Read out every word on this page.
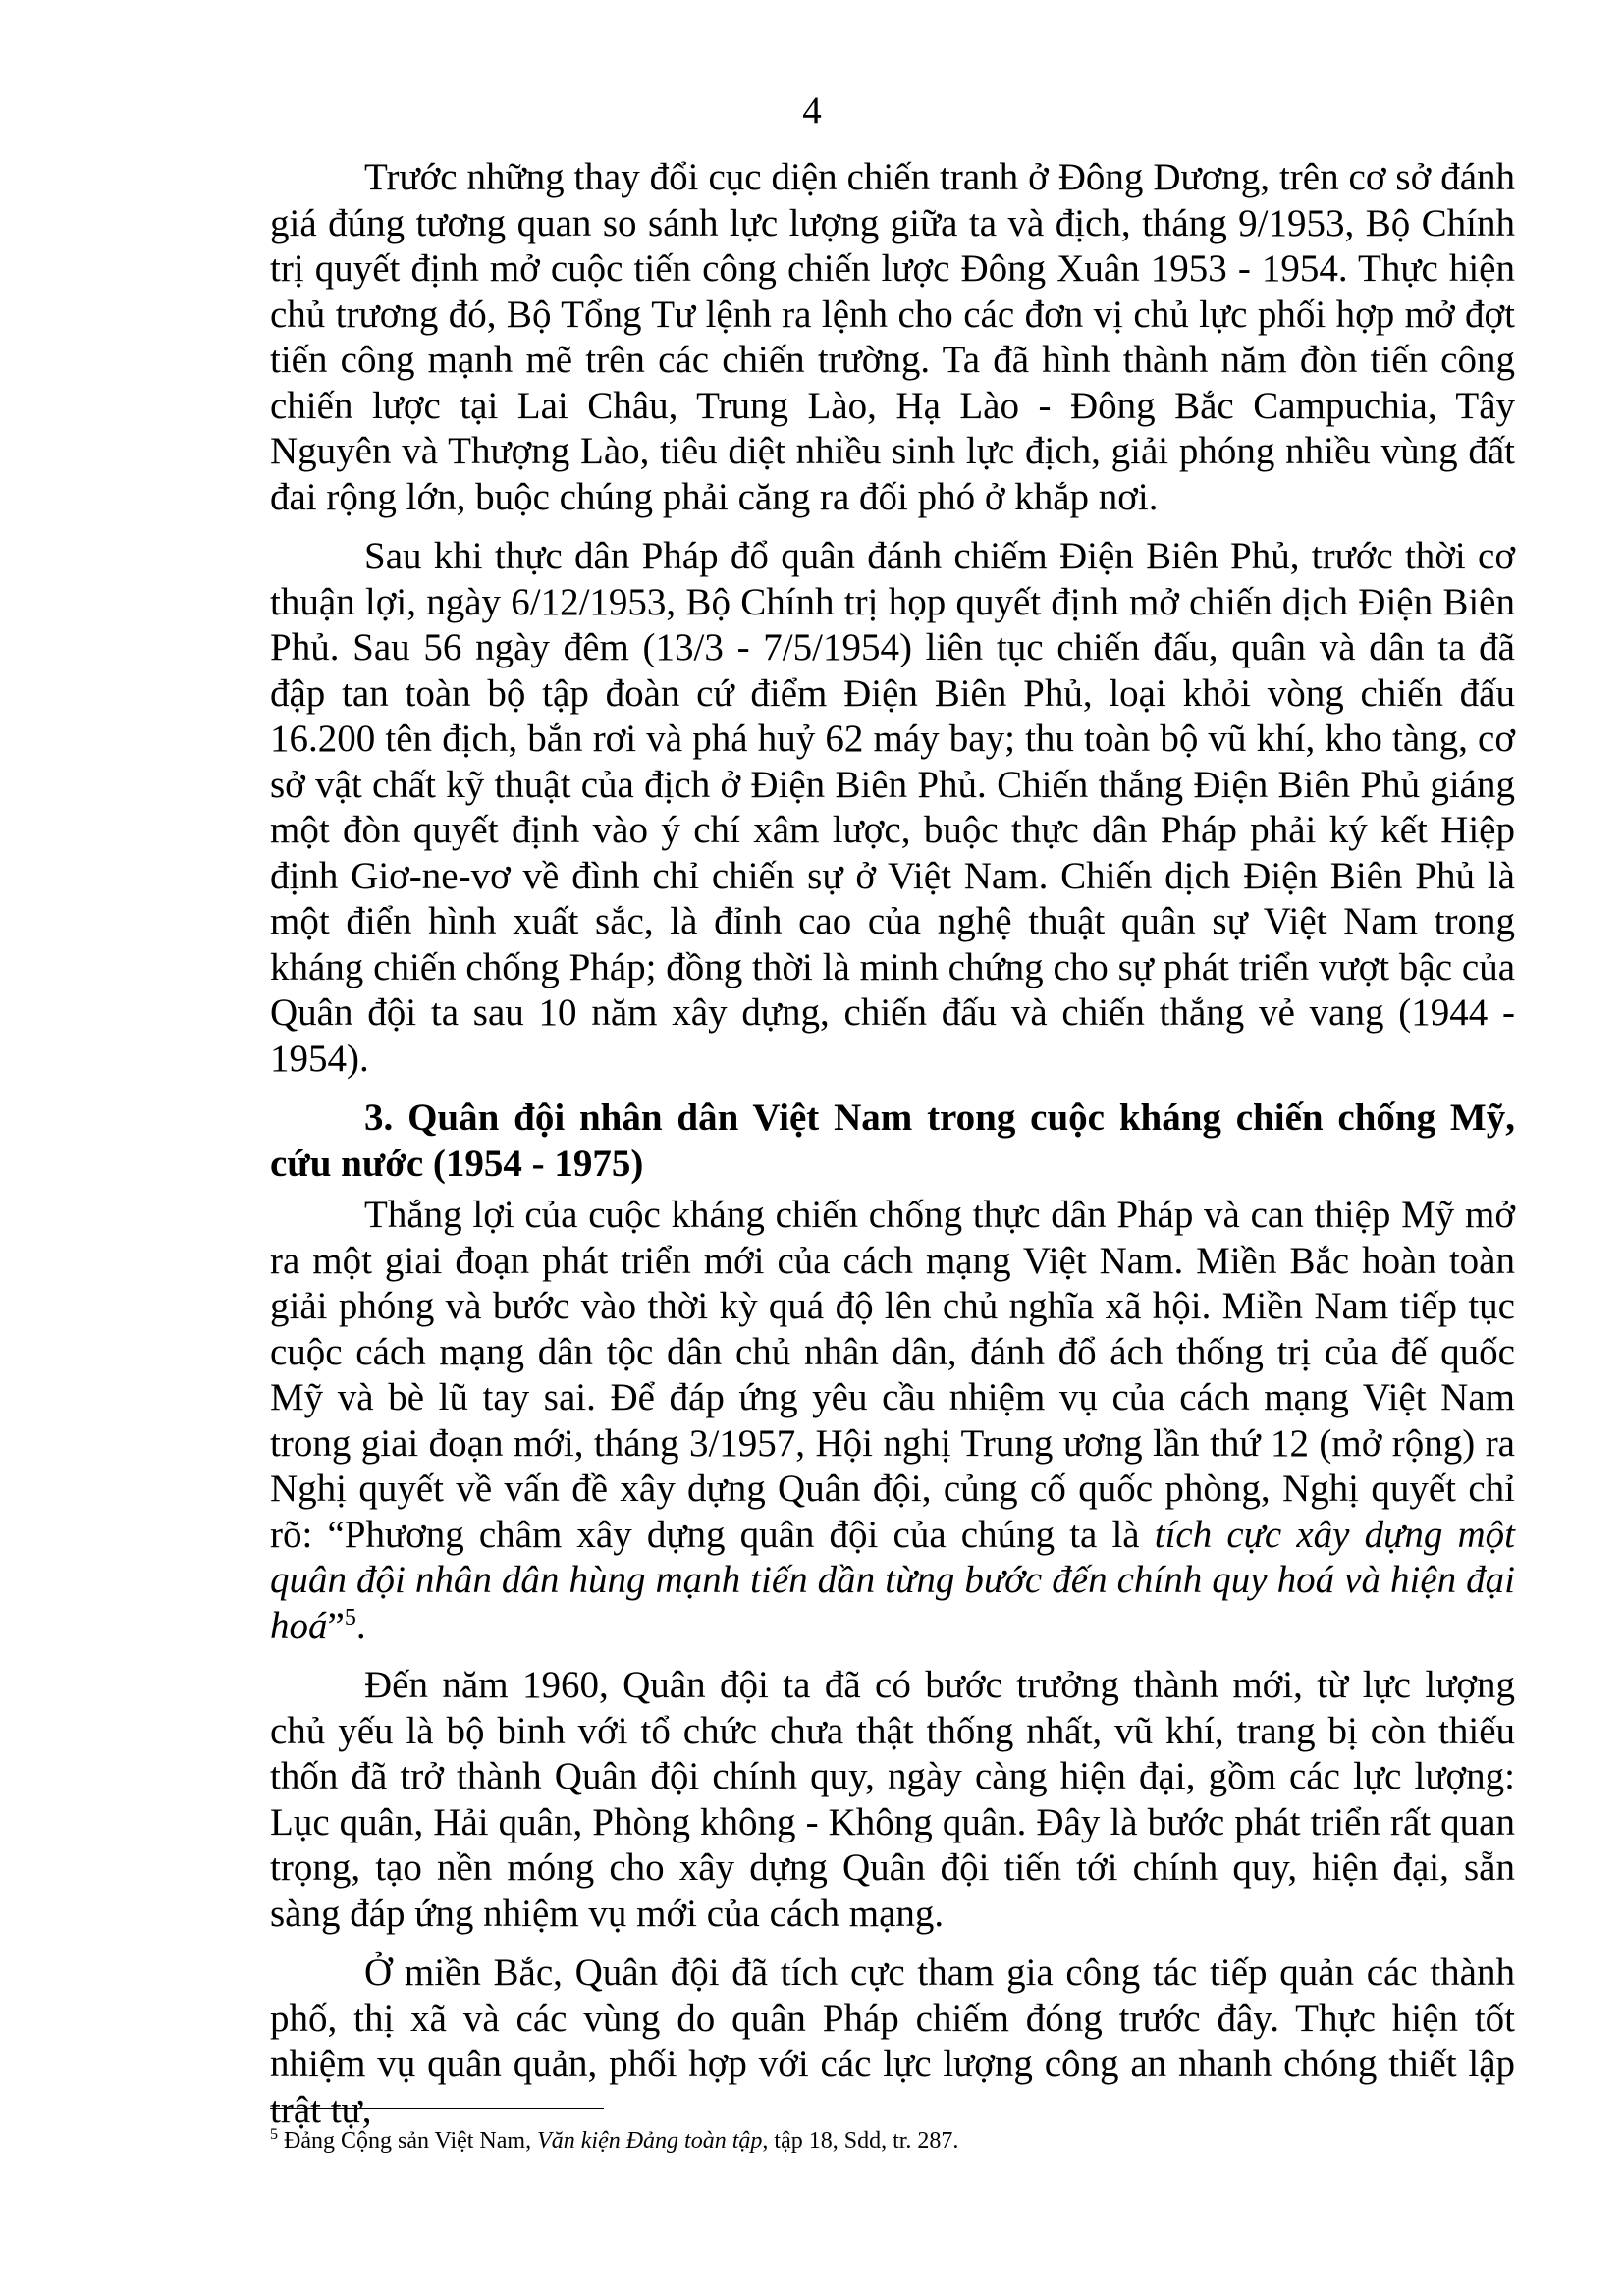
4

Trước những thay đổi cục diện chiến tranh ở Đông Dương, trên cơ sở đánh giá đúng tương quan so sánh lực lượng giữa ta và địch, tháng 9/1953, Bộ Chính trị quyết định mở cuộc tiến công chiến lược Đông Xuân 1953 - 1954. Thực hiện chủ trương đó, Bộ Tổng Tư lệnh ra lệnh cho các đơn vị chủ lực phối hợp mở đợt tiến công mạnh mẽ trên các chiến trường. Ta đã hình thành năm đòn tiến công chiến lược tại Lai Châu, Trung Lào, Hạ Lào - Đông Bắc Campuchia, Tây Nguyên và Thượng Lào, tiêu diệt nhiều sinh lực địch, giải phóng nhiều vùng đất đai rộng lớn, buộc chúng phải căng ra đối phó ở khắp nơi.

Sau khi thực dân Pháp đổ quân đánh chiếm Điện Biên Phủ, trước thời cơ thuận lợi, ngày 6/12/1953, Bộ Chính trị họp quyết định mở chiến dịch Điện Biên Phủ. Sau 56 ngày đêm (13/3 - 7/5/1954) liên tục chiến đấu, quân và dân ta đã đập tan toàn bộ tập đoàn cứ điểm Điện Biên Phủ, loại khỏi vòng chiến đấu 16.200 tên địch, bắn rơi và phá huỷ 62 máy bay; thu toàn bộ vũ khí, kho tàng, cơ sở vật chất kỹ thuật của địch ở Điện Biên Phủ. Chiến thắng Điện Biên Phủ giáng một đòn quyết định vào ý chí xâm lược, buộc thực dân Pháp phải ký kết Hiệp định Giơ-ne-vơ về đình chỉ chiến sự ở Việt Nam. Chiến dịch Điện Biên Phủ là một điển hình xuất sắc, là đỉnh cao của nghệ thuật quân sự Việt Nam trong kháng chiến chống Pháp; đồng thời là minh chứng cho sự phát triển vượt bậc của Quân đội ta sau 10 năm xây dựng, chiến đấu và chiến thắng vẻ vang (1944 - 1954).

3. Quân đội nhân dân Việt Nam trong cuộc kháng chiến chống Mỹ, cứu nước (1954 - 1975)

Thắng lợi của cuộc kháng chiến chống thực dân Pháp và can thiệp Mỹ mở ra một giai đoạn phát triển mới của cách mạng Việt Nam. Miền Bắc hoàn toàn giải phóng và bước vào thời kỳ quá độ lên chủ nghĩa xã hội. Miền Nam tiếp tục cuộc cách mạng dân tộc dân chủ nhân dân, đánh đổ ách thống trị của đế quốc Mỹ và bè lũ tay sai. Để đáp ứng yêu cầu nhiệm vụ của cách mạng Việt Nam trong giai đoạn mới, tháng 3/1957, Hội nghị Trung ương lần thứ 12 (mở rộng) ra Nghị quyết về vấn đề xây dựng Quân đội, củng cố quốc phòng, Nghị quyết chỉ rõ: “Phương châm xây dựng quân đội của chúng ta là tích cực xây dựng một quân đội nhân dân hùng mạnh tiến dần từng bước đến chính quy hoá và hiện đại hoá”$^5$.

Đến năm 1960, Quân đội ta đã có bước trưởng thành mới, từ lực lượng chủ yếu là bộ binh với tổ chức chưa thật thống nhất, vũ khí, trang bị còn thiếu thốn đã trở thành Quân đội chính quy, ngày càng hiện đại, gồm các lực lượng: Lục quân, Hải quân, Phòng không - Không quân. Đây là bước phát triển rất quan trọng, tạo nền móng cho xây dựng Quân đội tiến tới chính quy, hiện đại, sẵn sàng đáp ứng nhiệm vụ mới của cách mạng.

Ở miền Bắc, Quân đội đã tích cực tham gia công tác tiếp quản các thành phố, thị xã và các vùng do quân Pháp chiếm đóng trước đây. Thực hiện tốt nhiệm vụ quân quản, phối hợp với các lực lượng công an nhanh chóng thiết lập trật tự,

$^5$ Đảng Cộng sản Việt Nam, Văn kiện Đảng toàn tập, tập 18, Sdd, tr. 287.
